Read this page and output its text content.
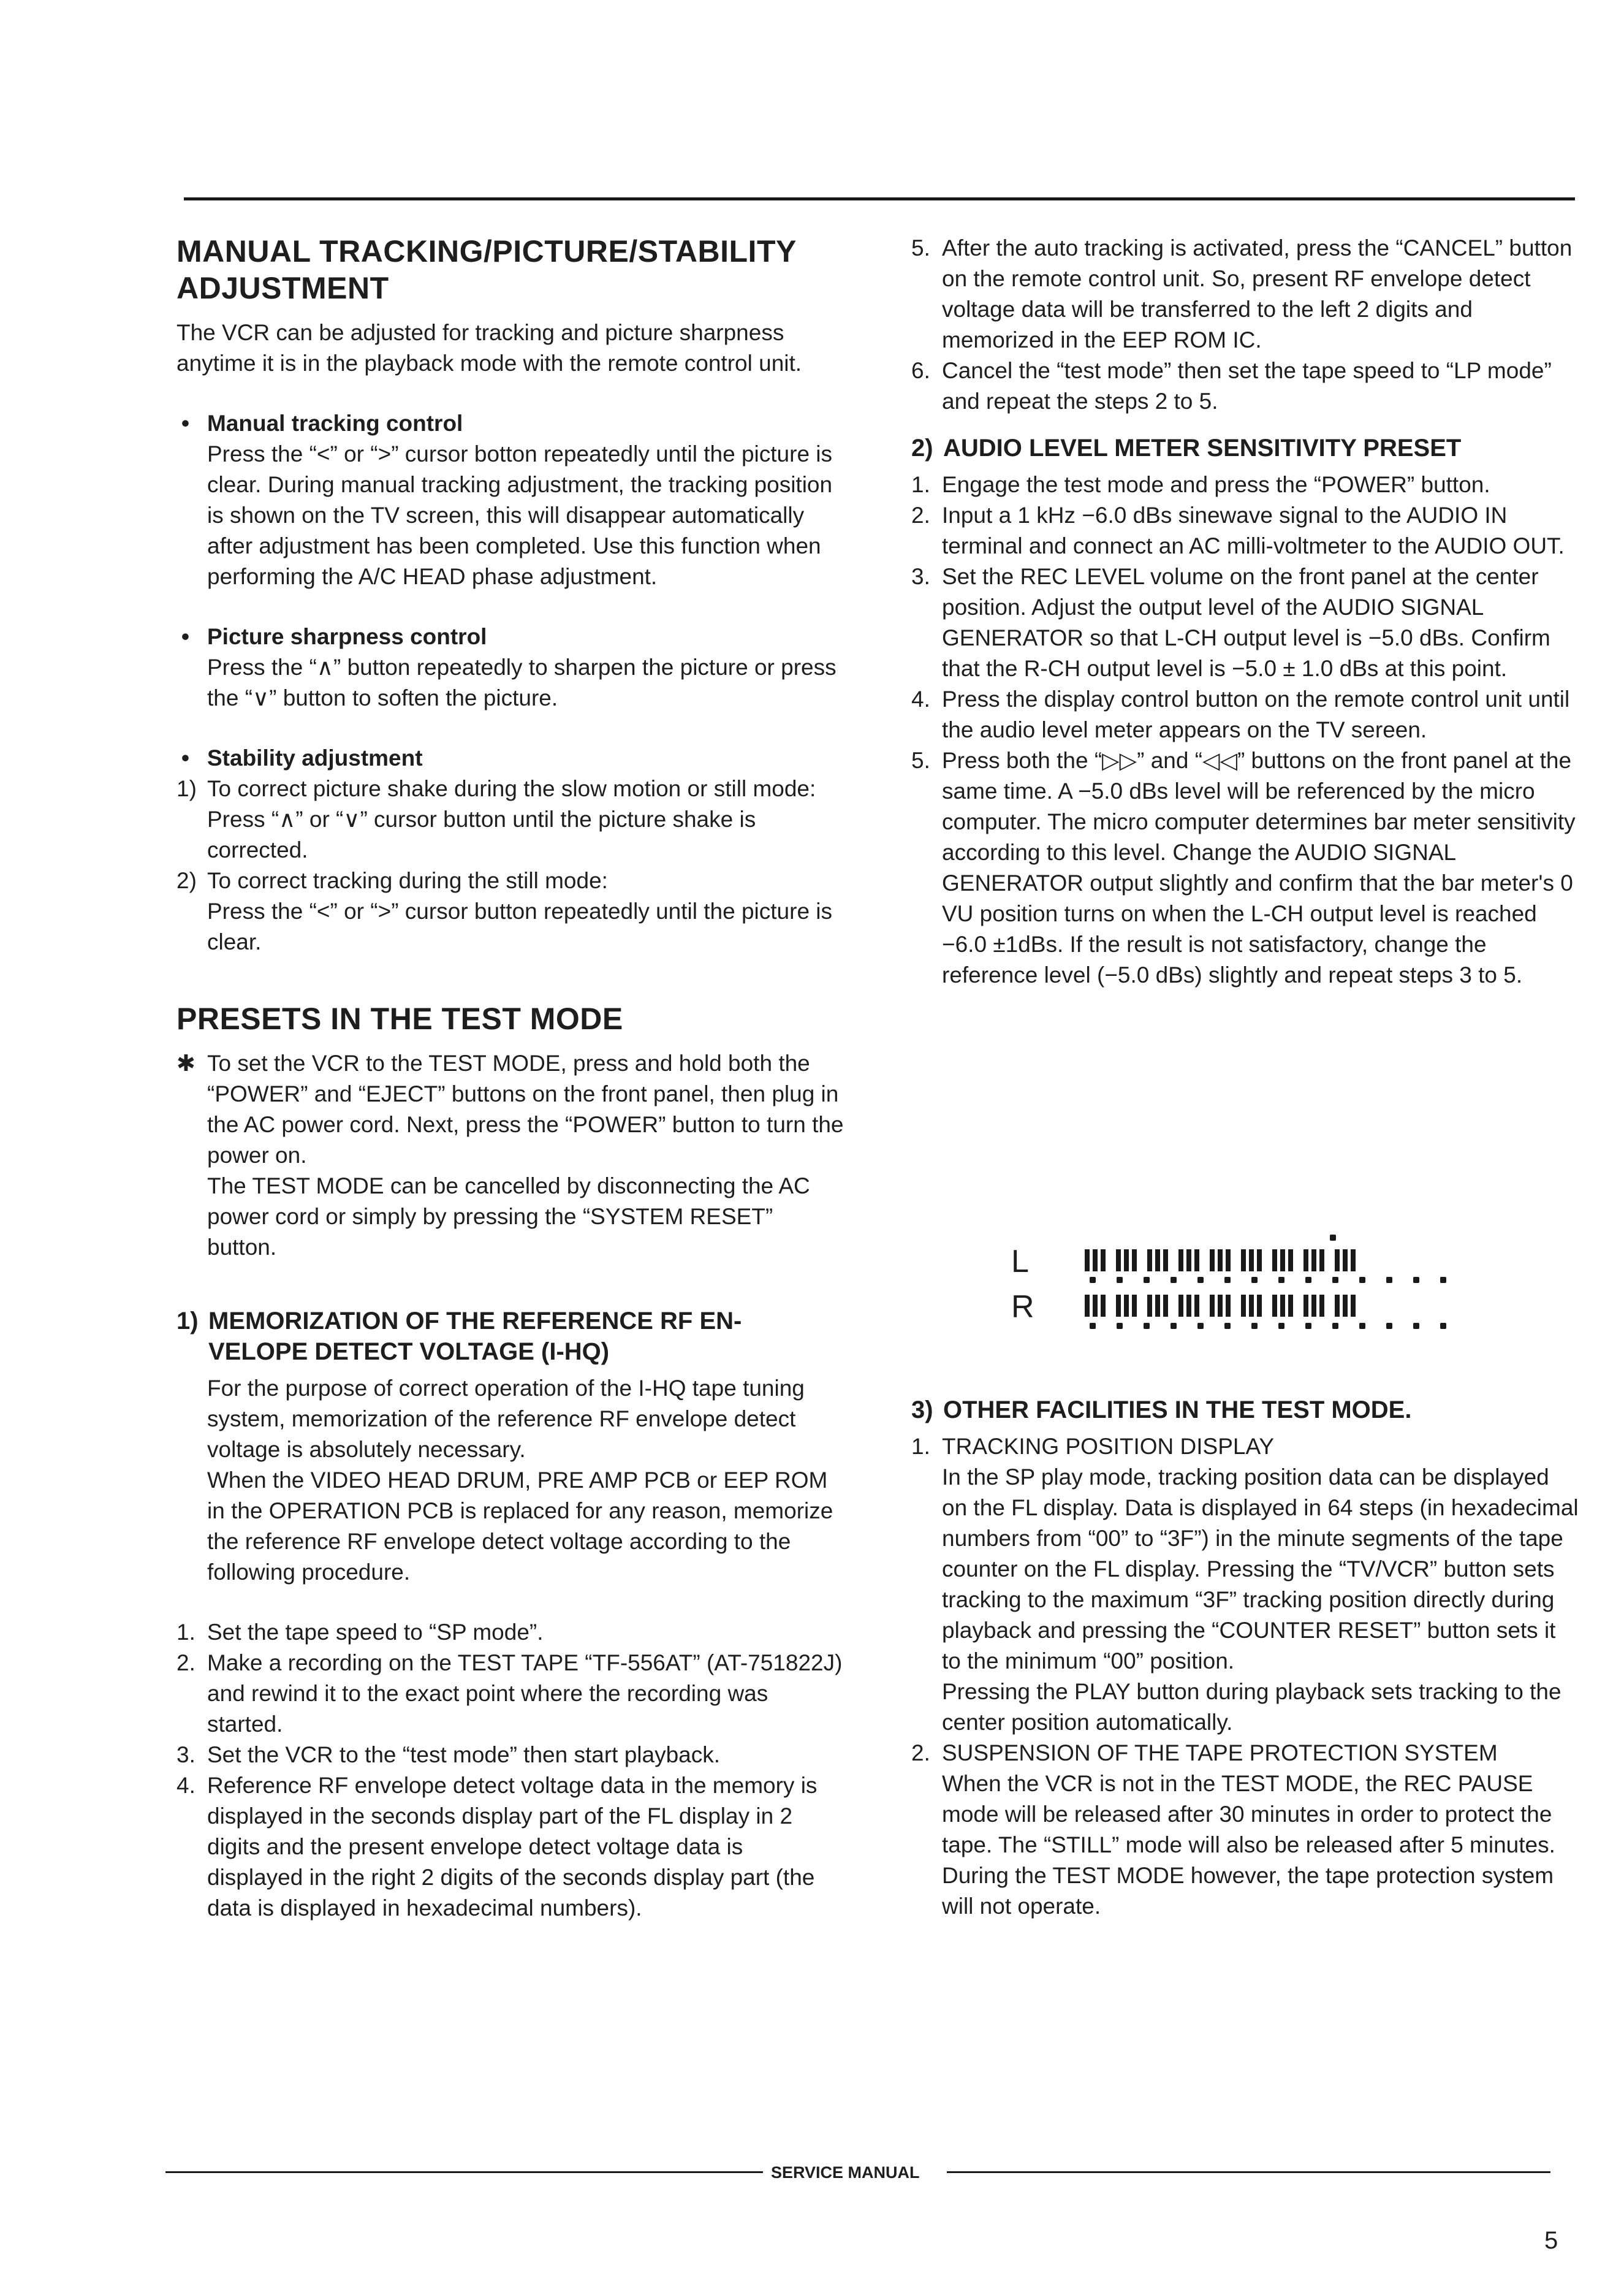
MANUAL TRACKING/PICTURE/STABILITY
ADJUSTMENT

The VCR can be adjusted for tracking and picture sharpness anytime it is in the playback mode with the remote control unit.

• Manual tracking control

Press the “<” or “>” cursor botton repeatedly until the picture is clear. During manual tracking adjustment, the tracking position is shown on the TV screen, this will disappear automatically after adjustment has been completed. Use this function when performing the A/C HEAD phase adjustment.

• Picture sharpness control

Press the “∧” button repeatedly to sharpen the picture or press the “∨” button to soften the picture.

• Stability adjustment
1) To correct picture shake during the slow motion or still mode:
Press “∧” or “∨” cursor button until the picture shake is corrected.
2) To correct tracking during the still mode:
Press the “<” or “>” cursor button repeatedly until the picture is clear.
PRESETS IN THE TEST MODE
✱ To set the VCR to the TEST MODE, press and hold both the “POWER” and “EJECT” buttons on the front panel, then plug in the AC power cord. Next, press the “POWER” button to turn the power on.
The TEST MODE can be cancelled by disconnecting the AC power cord or simply by pressing the “SYSTEM RESET” button.
1) MEMORIZATION OF THE REFERENCE RF EN-
VELOPE DETECT VOLTAGE (I-HQ)

For the purpose of correct operation of the I-HQ tape tuning system, memorization of the reference RF envelope detect voltage is absolutely necessary.

When the VIDEO HEAD DRUM, PRE AMP PCB or EEP ROM in the OPERATION PCB is replaced for any reason, memorize the reference RF envelope detect voltage according to the following procedure.

1. Set the tape speed to “SP mode”.
2. Make a recording on the TEST TAPE “TF-556AT” (AT-751822J) and rewind it to the exact point where the recording was started.
3. Set the VCR to the “test mode” then start playback.
4. Reference RF envelope detect voltage data in the memory is displayed in the seconds display part of the FL display in 2 digits and the present envelope detect voltage data is displayed in the right 2 digits of the seconds display part (the data is displayed in hexadecimal numbers).
5. After the auto tracking is activated, press the “CANCEL” button on the remote control unit. So, present RF envelope detect voltage data will be transferred to the left 2 digits and memorized in the EEP ROM IC.
6. Cancel the “test mode” then set the tape speed to “LP mode” and repeat the steps 2 to 5.
2) AUDIO LEVEL METER SENSITIVITY PRESET
1. Engage the test mode and press the “POWER” button.
2. Input a 1 kHz −6.0 dBs sinewave signal to the AUDIO IN terminal and connect an AC milli-voltmeter to the AUDIO OUT.
3. Set the REC LEVEL volume on the front panel at the center position. Adjust the output level of the AUDIO SIGNAL GENERATOR so that L-CH output level is −5.0 dBs. Confirm that the R-CH output level is −5.0 ± 1.0 dBs at this point.
4. Press the display control button on the remote control unit until the audio level meter appears on the TV sereen.
5. Press both the “▷▷” and “◁◁” buttons on the front panel at the same time. A −5.0 dBs level will be referenced by the micro computer. The micro computer determines bar meter sensitivity according to this level. Change the AUDIO SIGNAL GENERATOR output slightly and confirm that the bar meter's 0 VU position turns on when the L-CH output level is reached −6.0 ±1dBs. If the result is not satisfactory, change the reference level (−5.0 dBs) slightly and repeat steps 3 to 5.
L
R
3) OTHER FACILITIES IN THE TEST MODE.
1. TRACKING POSITION DISPLAY
In the SP play mode, tracking position data can be displayed on the FL display. Data is displayed in 64 steps (in hexadecimal numbers from “00” to “3F”) in the minute segments of the tape counter on the FL display. Pressing the “TV/VCR” button sets tracking to the maximum “3F” tracking position directly during playback and pressing the “COUNTER RESET” button sets it to the minimum “00” position.
Pressing the PLAY button during playback sets tracking to the center position automatically.
2. SUSPENSION OF THE TAPE PROTECTION SYSTEM
When the VCR is not in the TEST MODE, the REC PAUSE mode will be released after 30 minutes in order to protect the tape. The “STILL” mode will also be released after 5 minutes. During the TEST MODE however, the tape protection system will not operate.
SERVICE MANUAL
5
